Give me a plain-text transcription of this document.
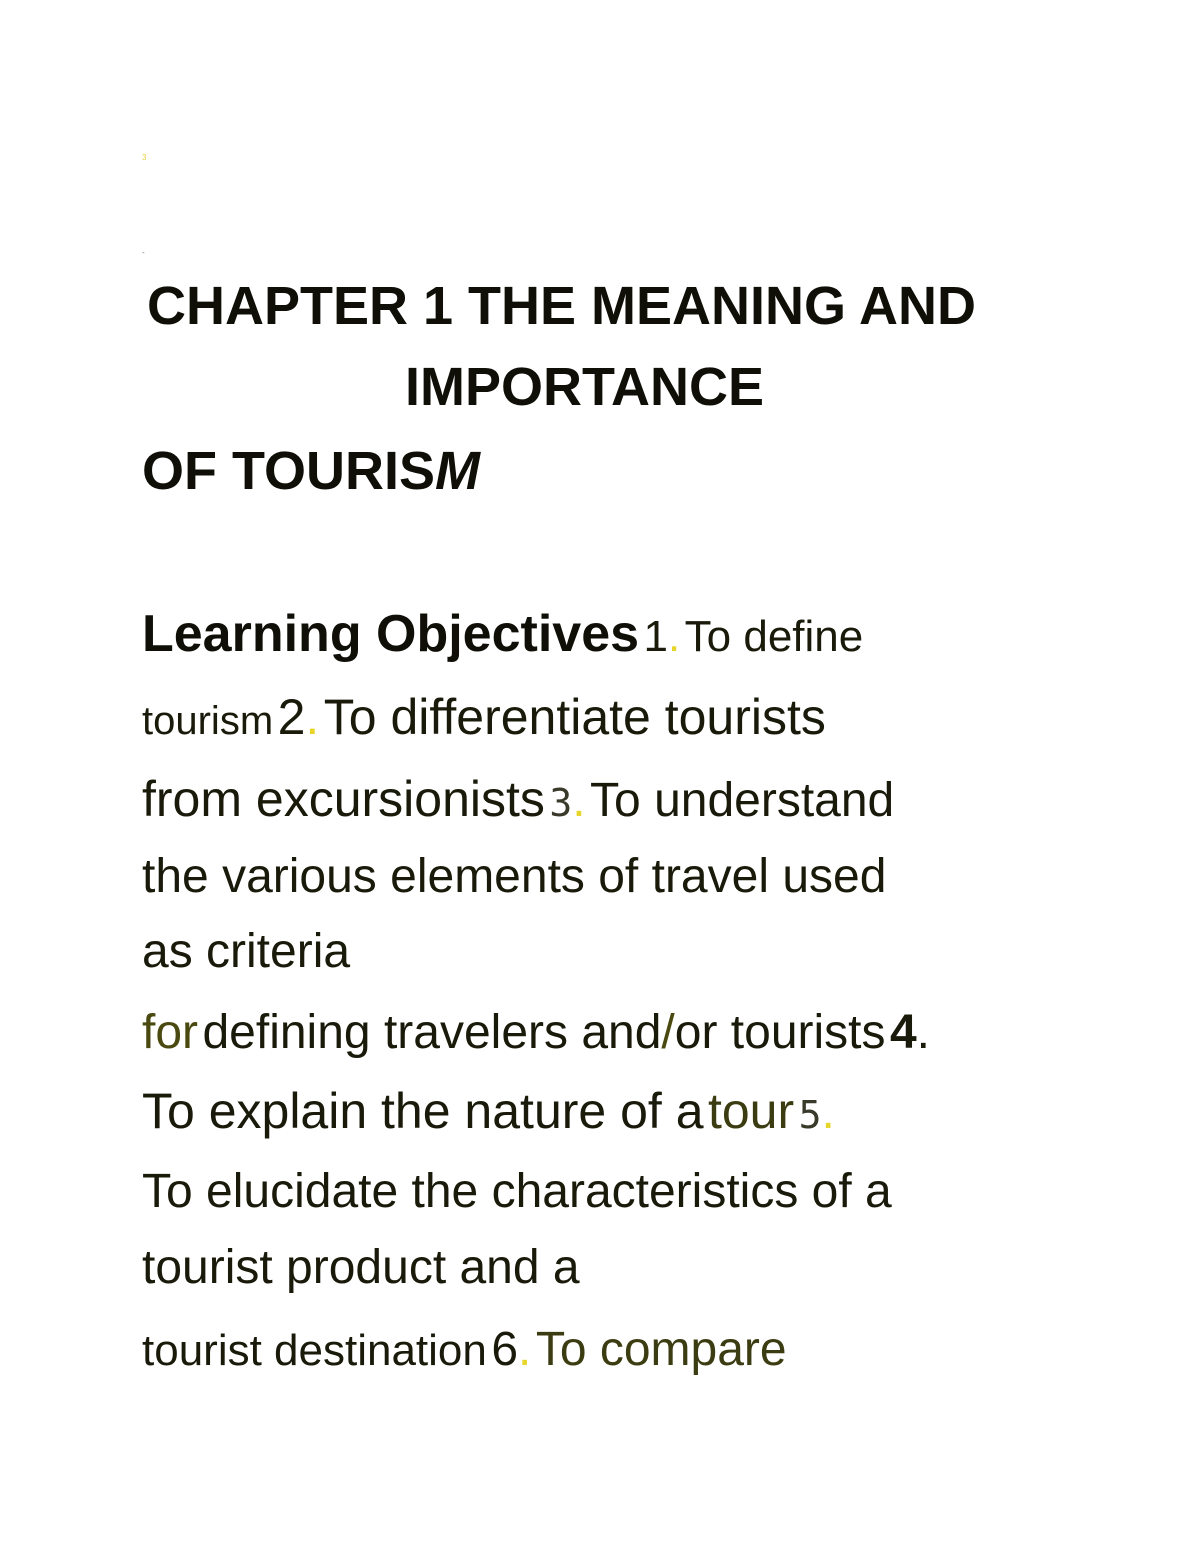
3
-
CHAPTER 1 THE MEANING AND
IMPORTANCE
OF TOURISM
Learning Objectives 1. To define
tourism 2. To differentiate tourists
from excursionists 3. To understand
the various elements of travel used
as criteria
for defining travelers and/or tourists 4.
To explain the nature of a tour 5.
To elucidate the characteristics of a
tourist product and a
tourist destination 6. To compare
